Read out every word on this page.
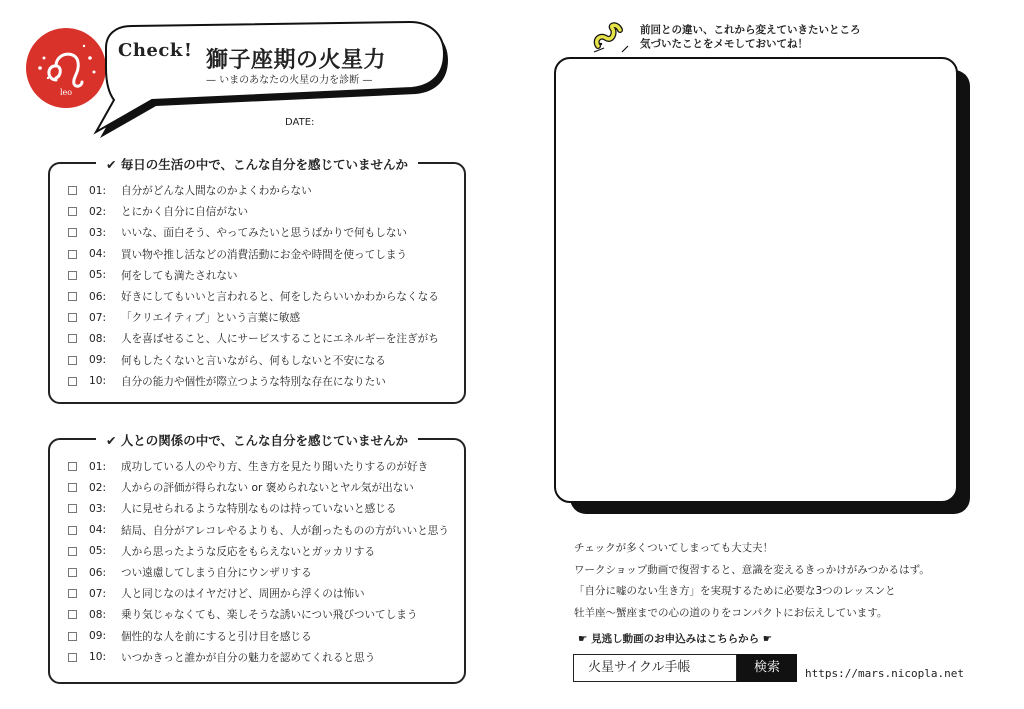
leo
Check ! 獅子座期の火星力
— いまのあなたの火星の力を診断 —
DATE:
✔ 毎日の生活の中で、こんな自分を感じていませんか
01:	自分がどんな人間なのかよくわからない
02:	とにかく自分に自信がない
03:	いいな、面白そう、やってみたいと思うばかりで何もしない
04:	買い物や推し活などの消費活動にお金や時間を使ってしまう
05:	何をしても満たされない
06:	好きにしてもいいと言われると、何をしたらいいかわからなくなる
07:	「クリエイティブ」という言葉に敏感
08:	人を喜ばせること、人にサービスすることにエネルギーを注ぎがち
09:	何もしたくないと言いながら、何もしないと不安になる
10:	自分の能力や個性が際立つような特別な存在になりたい
✔ 人との関係の中で、こんな自分を感じていませんか
01:	成功している人のやり方、生き方を見たり聞いたりするのが好き
02:	人からの評価が得られない or 褒められないとヤル気が出ない
03:	人に見せられるような特別なものは持っていないと感じる
04:	結局、自分がアレコレやるよりも、人が創ったものの方がいいと思う
05:	人から思ったような反応をもらえないとガッカリする
06:	つい遠慮してしまう自分にウンザリする
07:	人と同じなのはイヤだけど、周囲から浮くのは怖い
08:	乗り気じゃなくても、楽しそうな誘いについ飛びついてしまう
09:	個性的な人を前にすると引け目を感じる
10:	いつかきっと誰かが自分の魅力を認めてくれると思う
前回との違い、これから変えていきたいところ
気づいたことをメモしておいてね！
チェックが多くついてしまっても大丈夫！
ワークショップ動画で復習すると、意識を変えるきっかけがみつかるはず。
「自分に嘘のない生き方」を実現するために必要な3つのレッスンと
牡羊座〜蟹座までの心の道のりをコンパクトにお伝えしています。
☛ 見逃し動画のお申込みはこちらから ☛
火星サイクル手帳	検索	https://mars.nicopla.net
